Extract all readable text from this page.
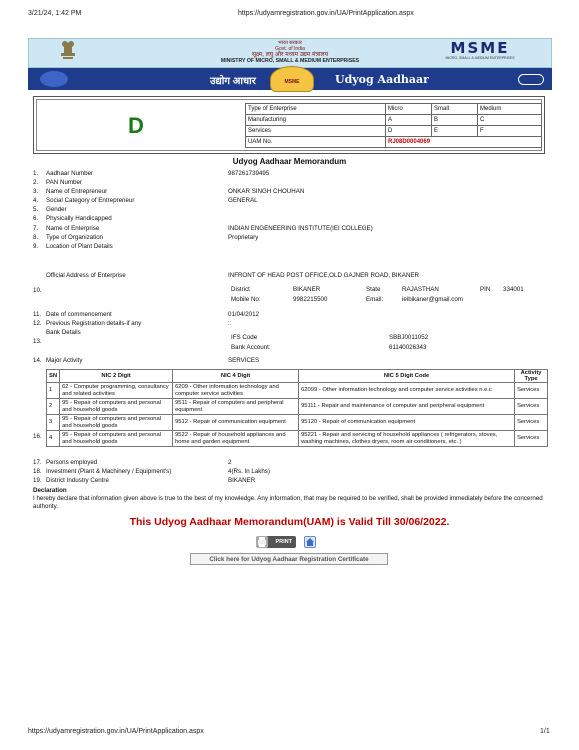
3/21/24, 1:42 PM	https://udyamregistration.gov.in/UA/PrintApplication.aspx
भारत सरकार
Govt. of India
सूक्ष्म, लघु और मध्यम उद्यम मंत्रालय
MINISTRY OF MICRO, SMALL & MEDIUM ENTERPRISES
MSME
MICRO, SMALL & MEDIUM ENTERPRISES
उद्योग आधार	MSME	Udyog Aadhaar
D
Type of Enterprise	Micro	Small	Medium
Manufacturing	A	B	C
Services	D	E	F
UAM No.	RJ08D0004069		
Udyog Aadhaar Memorandum
1. Aadhaar Number	987261739495
2. PAN Number
3. Name of Entrepreneur	ONKAR SINGH CHOUHAN
4. Social Category of Entrepreneur	GENERAL
5. Gender
6. Physically Handicapped
7. Name of Enterprise	INDIAN ENGENEERING INSTITUTE(IEI COLLEGE)
8. Type of Organization	Proprietary
9. Location of Plant Details
Official Address of Enterprise	INFRONT OF HEAD POST OFFICE,OLD GAJNER ROAD, BIKANER
10.	District	BIKANER	State	RAJASTHAN	PIN 334001
Mobile No:	9982215500	Email:	ieibikaner@gmail.com
11. Date of commencement	01/04/2012
12. Previous Registration details-if any	::
Bank Details
13.
IFS Code	SBBJ0011052
Bank Account:	61140026343
14. Major Activity	SERVICES
16.
SN	NIC 2 Digit	NIC 4 Digit	NIC 5 Digit Code	Activity Type
1	62 - Computer programming, consultancy and related activities	6209 - Other information technology and computer service activities	62099 - Other information technology and computer service activities n.e.c	Services
2	95 - Repair of computers and personal and household goods	9511 - Repair of computers and peripheral equipment	95111 - Repair and maintenance of computer and peripheral equipment	Services
3	95 - Repair of computers and personal and household goods	9512 - Repair of communication equipment	95120 - Repair of communication equipment	Services
4	95 - Repair of computers and personal and household goods	9522 - Repair of household appliances and home and garden equipment	95221 - Repair and servicing of household appliances ( refrigerators, stoves, washing machines, clothes dryers, room air conditioners, etc. )	Services
17. Persons employed	2
18. Investment (Plant & Machinery / Equipment's)	4(Rs. In Lakhs)
19. District Industry Centre	BIKANER
Declaration
I hereby declare that information given above is true to the best of my knowledge. Any information, that may be required to be verified, shall be provided immediately before the concerned authority.
This Udyog Aadhaar Memorandum(UAM) is Valid Till 30/06/2022.
PRINT
Click here for Udyog Aadhaar Registration Certificate
https://udyamregistration.gov.in/UA/PrintApplication.aspx	1/1
